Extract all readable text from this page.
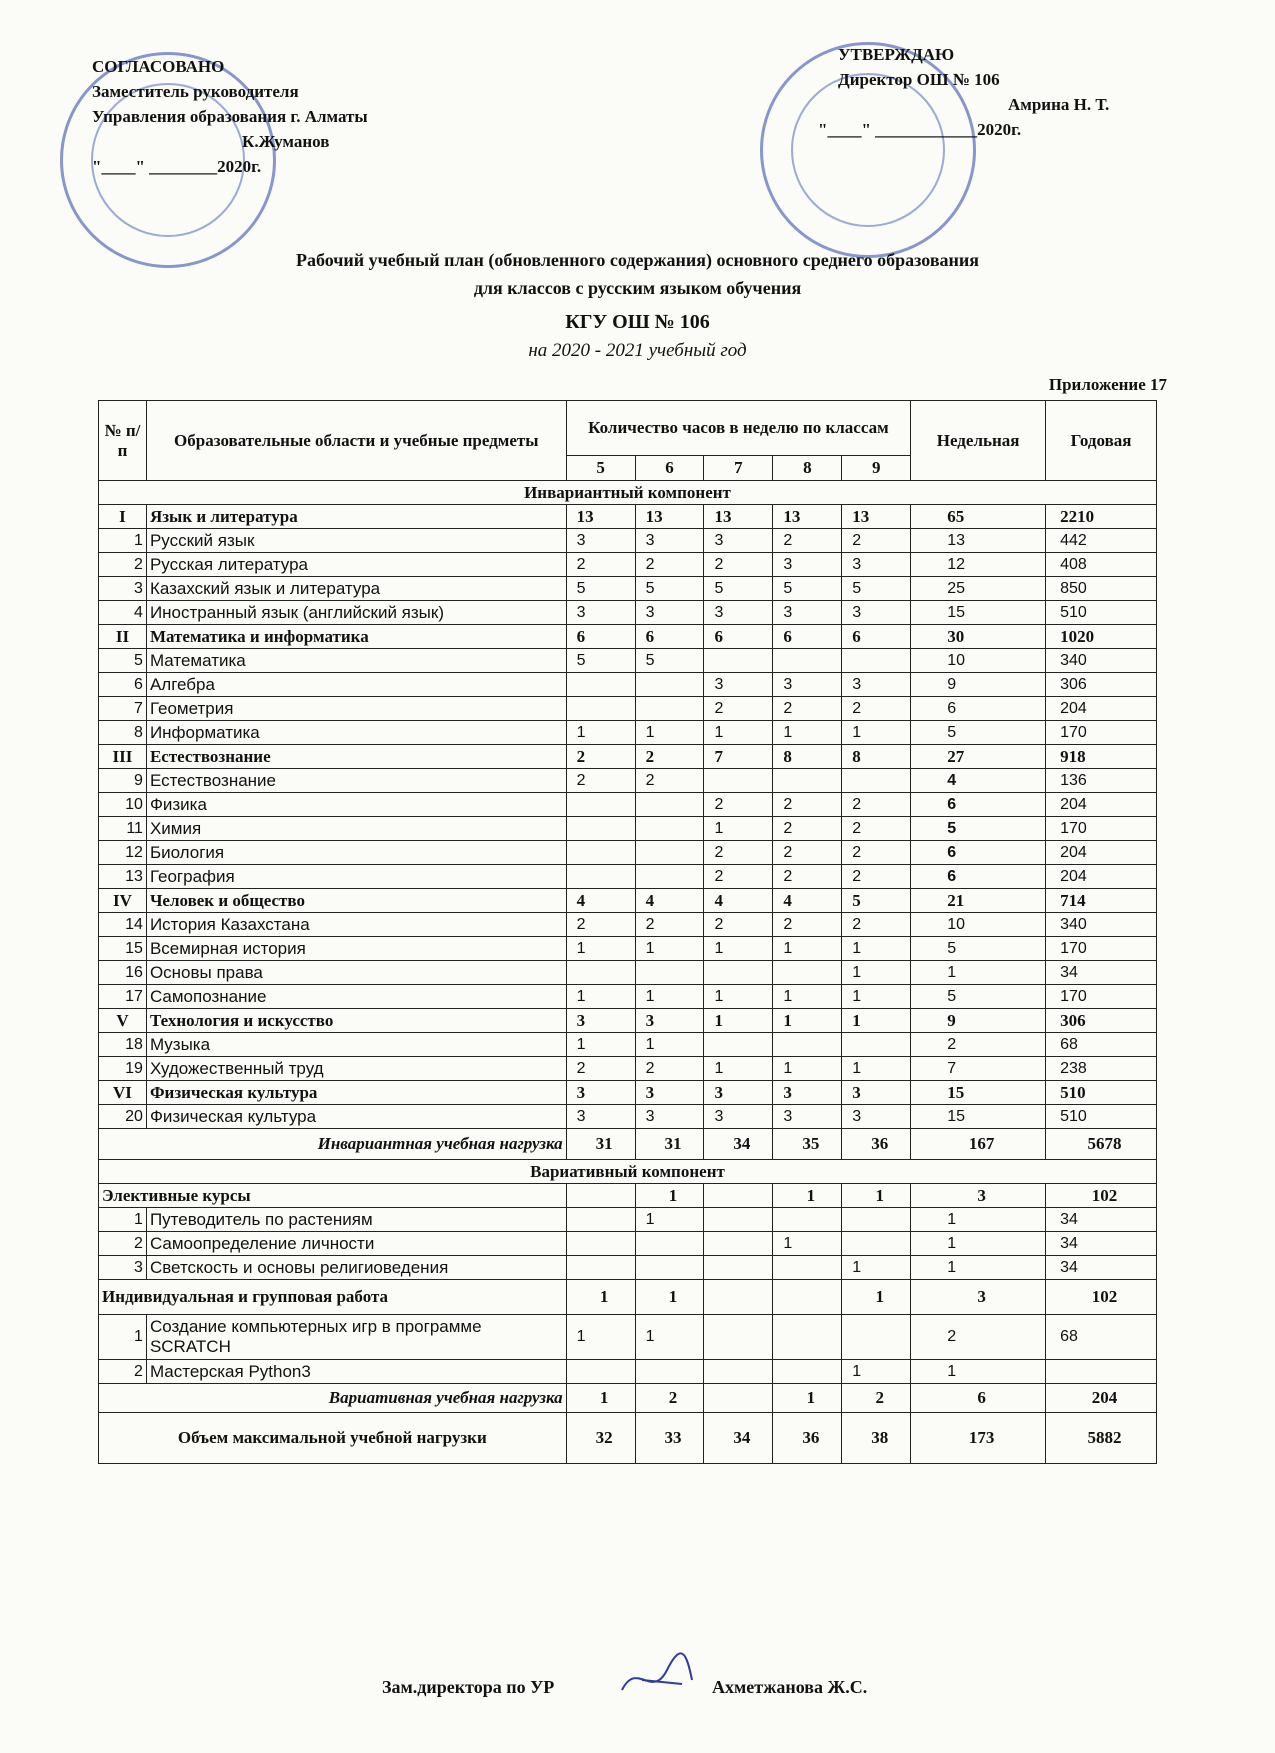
СОГЛАСОВАНО
Заместитель руководителя
Управления образования г. Алматы
К.Жуманов
"____" ________2020г.
УТВЕРЖДАЮ
Директор ОШ № 106
Амрина Н. Т.
"____" ____________2020г.
Рабочий учебный план (обновленного содержания) основного среднего образования
для классов с русским языком обучения
КГУ ОШ № 106
на 2020 - 2021 учебный год
Приложение 17
№ п/п	Образовательные области и учебные предметы	Количество часов в неделю по классам					Недельная	Годовая
		5	6	7	8	9		
Инвариантный компонент								
I	Язык и литература	13	13	13	13	13	65	2210
1	Русский язык	3	3	3	2	2	13	442
2	Русская литература	2	2	2	3	3	12	408
3	Казахский язык и литература	5	5	5	5	5	25	850
4	Иностранный язык (английский язык)	3	3	3	3	3	15	510
II	Математика и информатика	6	6	6	6	6	30	1020
5	Математика	5	5				10	340
6	Алгебра			3	3	3	9	306
7	Геометрия			2	2	2	6	204
8	Информатика	1	1	1	1	1	5	170
III	Естествознание	2	2	7	8	8	27	918
9	Естествознание	2	2				4	136
10	Физика			2	2	2	6	204
11	Химия			1	2	2	5	170
12	Биология			2	2	2	6	204
13	География			2	2	2	6	204
IV	Человек и общество	4	4	4	4	5	21	714
14	История Казахстана	2	2	2	2	2	10	340
15	Всемирная история	1	1	1	1	1	5	170
16	Основы права					1	1	34
17	Самопознание	1	1	1	1	1	5	170
V	Технология и искусство	3	3	1	1	1	9	306
18	Музыка	1	1				2	68
19	Художественный труд	2	2	1	1	1	7	238
VI	Физическая культура	3	3	3	3	3	15	510
20	Физическая культура	3	3	3	3	3	15	510
Инвариантная учебная нагрузка		31	31	34	35	36	167	5678
Вариативный компонент								
Элективные курсы			1		1	1	3	102
1	Путеводитель по растениям		1				1	34
2	Самоопределение личности				1		1	34
3	Светскость и основы религиоведения					1	1	34
Индивидуальная и групповая работа		1	1			1	3	102
1	Создание компьютерных игр в программе SCRATCH	1	1				2	68
2	Мастерская Python3					1	1	
Вариативная учебная нагрузка		1	2		1	2	6	204
Объем максимальной учебной нагрузки		32	33	34	36	38	173	5882
Зам.директора по УР	Ахметжанова Ж.С.
